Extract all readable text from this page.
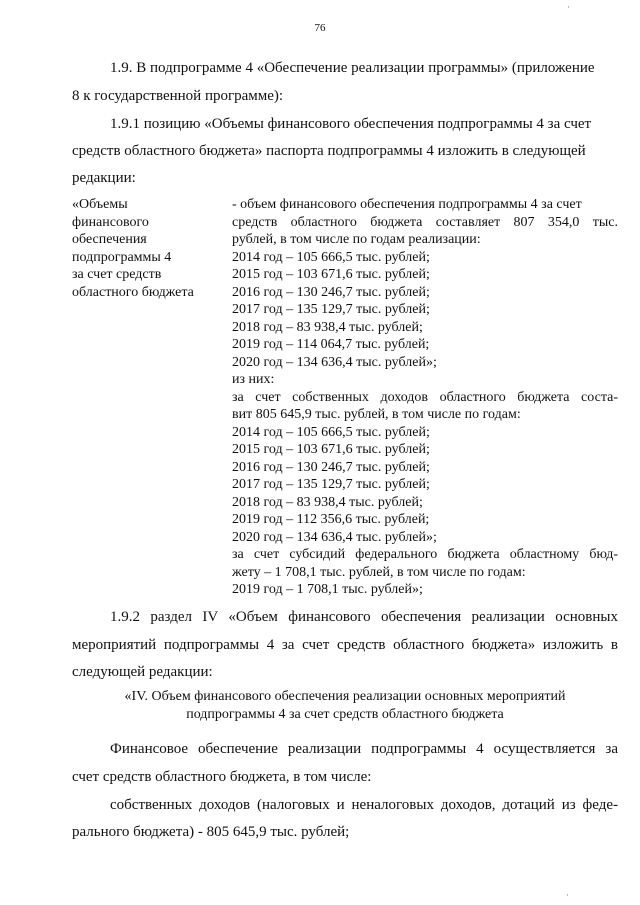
76
1.9. В подпрограмме 4 «Обеспечение реализации программы» (приложение
8 к государственной программе):
1.9.1 позицию «Объемы финансового обеспечения подпрограммы 4 за счет
средств областного бюджета» паспорта подпрограммы 4 изложить в следующей
редакции:
«Объемы
финансового
обеспечения
подпрограммы 4
за счет средств
областного бюджета
- объем финансового обеспечения подпрограммы 4 за счет
средств областного бюджета составляет 807 354,0 тыс.
рублей, в том числе по годам реализации:
2014 год – 105 666,5 тыс. рублей;
2015 год – 103 671,6 тыс. рублей;
2016 год – 130 246,7 тыс. рублей;
2017 год – 135 129,7 тыс. рублей;
2018 год – 83 938,4 тыс. рублей;
2019 год – 114 064,7 тыс. рублей;
2020 год – 134 636,4 тыс. рублей»;
из них:
за счет собственных доходов областного бюджета соста-
вит 805 645,9 тыс. рублей, в том числе по годам:
2014 год – 105 666,5 тыс. рублей;
2015 год – 103 671,6 тыс. рублей;
2016 год – 130 246,7 тыс. рублей;
2017 год – 135 129,7 тыс. рублей;
2018 год – 83 938,4 тыс. рублей;
2019 год – 112 356,6 тыс. рублей;
2020 год – 134 636,4 тыс. рублей»;
за счет субсидий федерального бюджета областному бюд-
жету – 1 708,1 тыс. рублей, в том числе по годам:
2019 год – 1 708,1 тыс. рублей»;
1.9.2 раздел IV «Объем финансового обеспечения реализации основных
мероприятий подпрограммы 4 за счет средств областного бюджета» изложить в
следующей редакции:
«IV. Объем финансового обеспечения реализации основных мероприятий
подпрограммы 4 за счет средств областного бюджета
Финансовое обеспечение реализации подпрограммы 4 осуществляется за
счет средств областного бюджета, в том числе:
собственных доходов (налоговых и неналоговых доходов, дотаций из феде-
рального бюджета) - 805 645,9 тыс. рублей;
·
·
